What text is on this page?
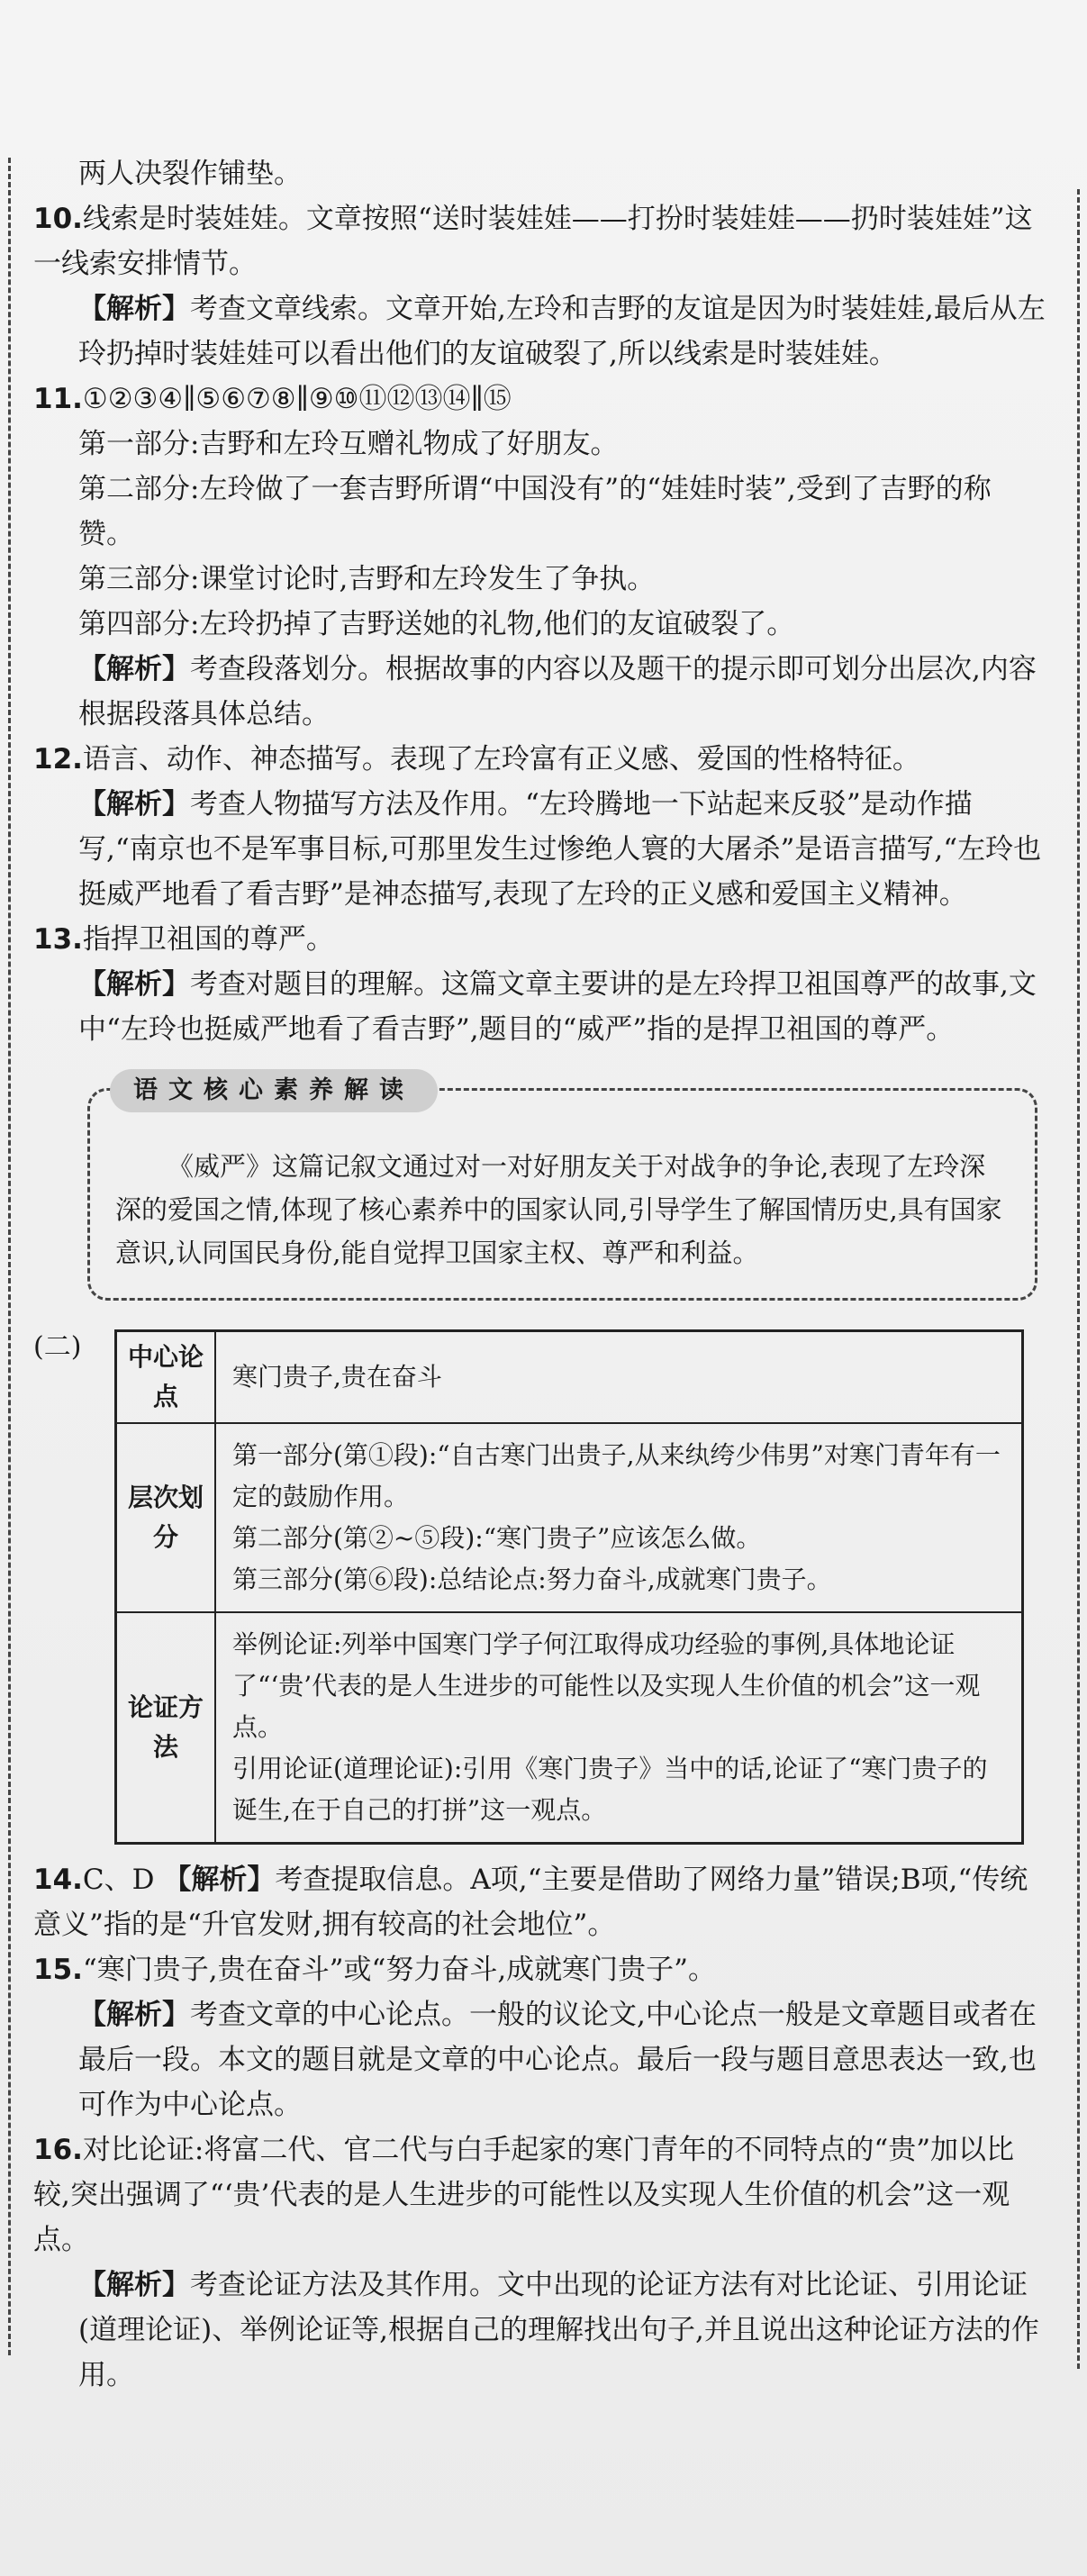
两人决裂作铺垫。

10.线索是时装娃娃。文章按照“送时装娃娃——打扮时装娃娃——扔时装娃娃”这一线索安排情节。

【解析】考查文章线索。文章开始,左玲和吉野的友谊是因为时装娃娃,最后从左玲扔掉时装娃娃可以看出他们的友谊破裂了,所以线索是时装娃娃。

11.①②③④∥⑤⑥⑦⑧∥⑨⑩⑪⑫⑬⑭∥⑮

第一部分:吉野和左玲互赠礼物成了好朋友。

第二部分:左玲做了一套吉野所谓“中国没有”的“娃娃时装”,受到了吉野的称赞。

第三部分:课堂讨论时,吉野和左玲发生了争执。

第四部分:左玲扔掉了吉野送她的礼物,他们的友谊破裂了。

【解析】考查段落划分。根据故事的内容以及题干的提示即可划分出层次,内容根据段落具体总结。

12.语言、动作、神态描写。表现了左玲富有正义感、爱国的性格特征。

【解析】考查人物描写方法及作用。“左玲腾地一下站起来反驳”是动作描写,“南京也不是军事目标,可那里发生过惨绝人寰的大屠杀”是语言描写,“左玲也挺威严地看了看吉野”是神态描写,表现了左玲的正义感和爱国主义精神。

13.指捍卫祖国的尊严。

【解析】考查对题目的理解。这篇文章主要讲的是左玲捍卫祖国尊严的故事,文中“左玲也挺威严地看了看吉野”,题目的“威严”指的是捍卫祖国的尊严。

语文核心素养解读

《威严》这篇记叙文通过对一对好朋友关于对战争的争论,表现了左玲深深的爱国之情,体现了核心素养中的国家认同,引导学生了解国情历史,具有国家意识,认同国民身份,能自觉捍卫国家主权、尊严和利益。

(二)	中心论点	寒门贵子,贵在奋斗

层次划分	第一部分(第①段):“自古寒门出贵子,从来纨绔少伟男”对寒门青年有一定的鼓励作用。

第二部分(第②~⑤段):“寒门贵子”应该怎么做。

第三部分(第⑥段):总结论点:努力奋斗,成就寒门贵子。

论证方法	举例论证:列举中国寒门学子何江取得成功经验的事例,具体地论证了“‘贵’代表的是人生进步的可能性以及实现人生价值的机会”这一观点。

引用论证(道理论证):引用《寒门贵子》当中的话,论证了“寒门贵子的诞生,在于自己的打拼”这一观点。

14.C、D 【解析】考查提取信息。A项,“主要是借助了网络力量”错误;B项,“传统意义”指的是“升官发财,拥有较高的社会地位”。

15.“寒门贵子,贵在奋斗”或“努力奋斗,成就寒门贵子”。

【解析】考查文章的中心论点。一般的议论文,中心论点一般是文章题目或者在最后一段。本文的题目就是文章的中心论点。最后一段与题目意思表达一致,也可作为中心论点。

16.对比论证:将富二代、官二代与白手起家的寒门青年的不同特点的“贵”加以比较,突出强调了“‘贵’代表的是人生进步的可能性以及实现人生价值的机会”这一观点。

【解析】考查论证方法及其作用。文中出现的论证方法有对比论证、引用论证(道理论证)、举例论证等,根据自己的理解找出句子,并且说出这种论证方法的作用。
